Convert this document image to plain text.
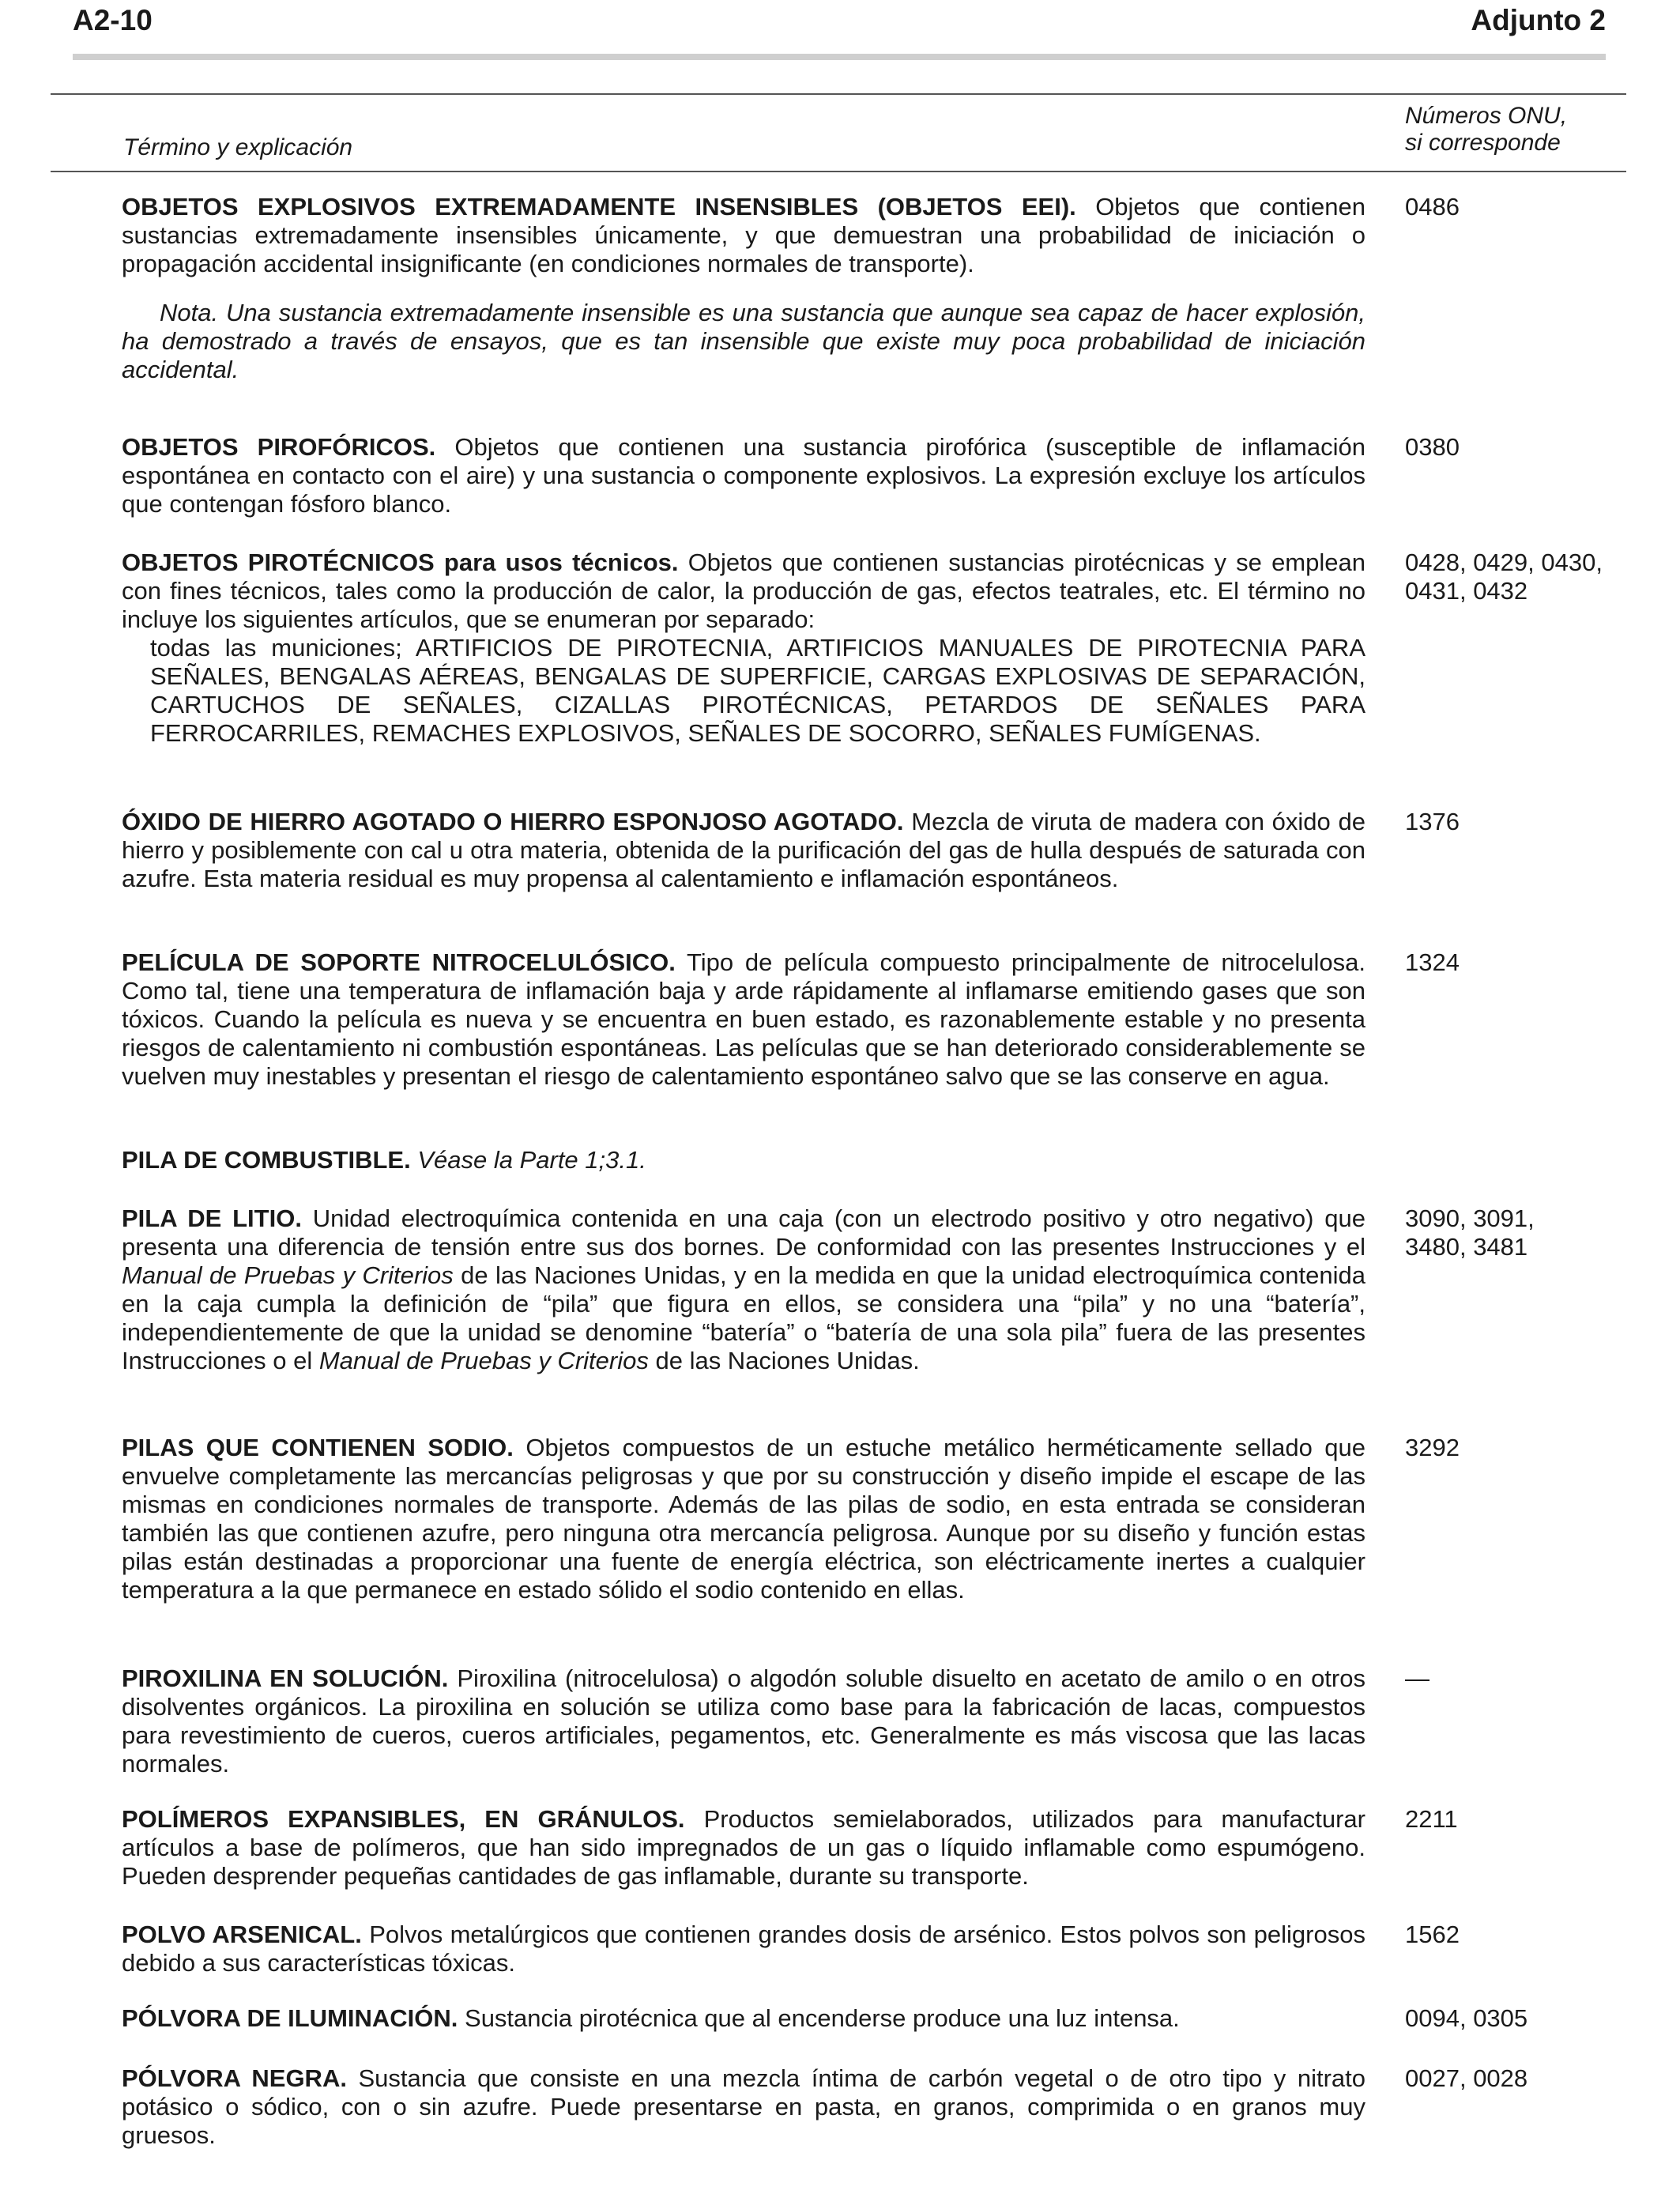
A2-10	Adjunto 2
Término y explicación
Números ONU,
si corresponde

OBJETOS EXPLOSIVOS EXTREMADAMENTE INSENSIBLES (OBJETOS EEI). Objetos que contienen sustancias extremadamente insensibles únicamente, y que demuestran una probabilidad de iniciación o propagación accidental insignificante (en condiciones normales de transporte).

Nota. Una sustancia extremadamente insensible es una sustancia que aunque sea capaz de hacer explosión, ha demostrado a través de ensayos, que es tan insensible que existe muy poca probabilidad de iniciación accidental.

0486

OBJETOS PIROFÓRICOS. Objetos que contienen una sustancia pirofórica (susceptible de inflamación espontánea en contacto con el aire) y una sustancia o componente explosivos. La expresión excluye los artículos que contengan fósforo blanco.

0380
OBJETOS PIROTÉCNICOS para usos técnicos. Objetos que contienen sustancias pirotécnicas y se emplean con fines técnicos, tales como la producción de calor, la producción de gas, efectos teatrales, etc. El término no incluye los siguientes artículos, que se enumeran por separado:
todas las municiones; ARTIFICIOS DE PIROTECNIA, ARTIFICIOS MANUALES DE PIROTECNIA PARA SEÑALES, BENGALAS AÉREAS, BENGALAS DE SUPERFICIE, CARGAS EXPLOSIVAS DE SEPARACIÓN, CARTUCHOS DE SEÑALES, CIZALLAS PIROTÉCNICAS, PETARDOS DE SEÑALES PARA FERROCARRILES, REMACHES EXPLOSIVOS, SEÑALES DE SOCORRO, SEÑALES FUMÍGENAS.
0428, 0429, 0430,
0431, 0432

ÓXIDO DE HIERRO AGOTADO O HIERRO ESPONJOSO AGOTADO. Mezcla de viruta de madera con óxido de hierro y posiblemente con cal u otra materia, obtenida de la purificación del gas de hulla después de saturada con azufre. Esta materia residual es muy propensa al calentamiento e inflamación espontáneos.

1376

PELÍCULA DE SOPORTE NITROCELULÓSICO. Tipo de película compuesto principalmente de nitrocelulosa. Como tal, tiene una temperatura de inflamación baja y arde rápidamente al inflamarse emitiendo gases que son tóxicos. Cuando la película es nueva y se encuentra en buen estado, es razonablemente estable y no presenta riesgos de calentamiento ni combustión espontáneas. Las películas que se han deteriorado considerablemente se vuelven muy inestables y presentan el riesgo de calentamiento espontáneo salvo que se las conserve en agua.

1324

PILA DE COMBUSTIBLE. Véase la Parte 1;3.1.

PILA DE LITIO. Unidad electroquímica contenida en una caja (con un electrodo positivo y otro negativo) que presenta una diferencia de tensión entre sus dos bornes. De conformidad con las presentes Instrucciones y el Manual de Pruebas y Criterios de las Naciones Unidas, y en la medida en que la unidad electroquímica contenida en la caja cumpla la definición de “pila” que figura en ellos, se considera una “pila” y no una “batería”, independientemente de que la unidad se denomine “batería” o “batería de una sola pila” fuera de las presentes Instrucciones o el Manual de Pruebas y Criterios de las Naciones Unidas.

3090, 3091,
3480, 3481

PILAS QUE CONTIENEN SODIO. Objetos compuestos de un estuche metálico herméticamente sellado que envuelve completamente las mercancías peligrosas y que por su construcción y diseño impide el escape de las mismas en condiciones normales de transporte. Además de las pilas de sodio, en esta entrada se consideran también las que contienen azufre, pero ninguna otra mercancía peligrosa. Aunque por su diseño y función estas pilas están destinadas a proporcionar una fuente de energía eléctrica, son eléctricamente inertes a cualquier temperatura a la que permanece en estado sólido el sodio contenido en ellas.

3292

PIROXILINA EN SOLUCIÓN. Piroxilina (nitrocelulosa) o algodón soluble disuelto en acetato de amilo o en otros disolventes orgánicos. La piroxilina en solución se utiliza como base para la fabricación de lacas, compuestos para revestimiento de cueros, cueros artificiales, pegamentos, etc. Generalmente es más viscosa que las lacas normales.

—

POLÍMEROS EXPANSIBLES, EN GRÁNULOS. Productos semielaborados, utilizados para manufacturar artículos a base de polímeros, que han sido impregnados de un gas o líquido inflamable como espumógeno. Pueden desprender pequeñas cantidades de gas inflamable, durante su transporte.

2211

POLVO ARSENICAL. Polvos metalúrgicos que contienen grandes dosis de arsénico. Estos polvos son peligrosos debido a sus características tóxicas.

1562

PÓLVORA DE ILUMINACIÓN. Sustancia pirotécnica que al encenderse produce una luz intensa.	0094, 0305

PÓLVORA NEGRA. Sustancia que consiste en una mezcla íntima de carbón vegetal o de otro tipo y nitrato potásico o sódico, con o sin azufre. Puede presentarse en pasta, en granos, comprimida o en granos muy gruesos.

0027, 0028
